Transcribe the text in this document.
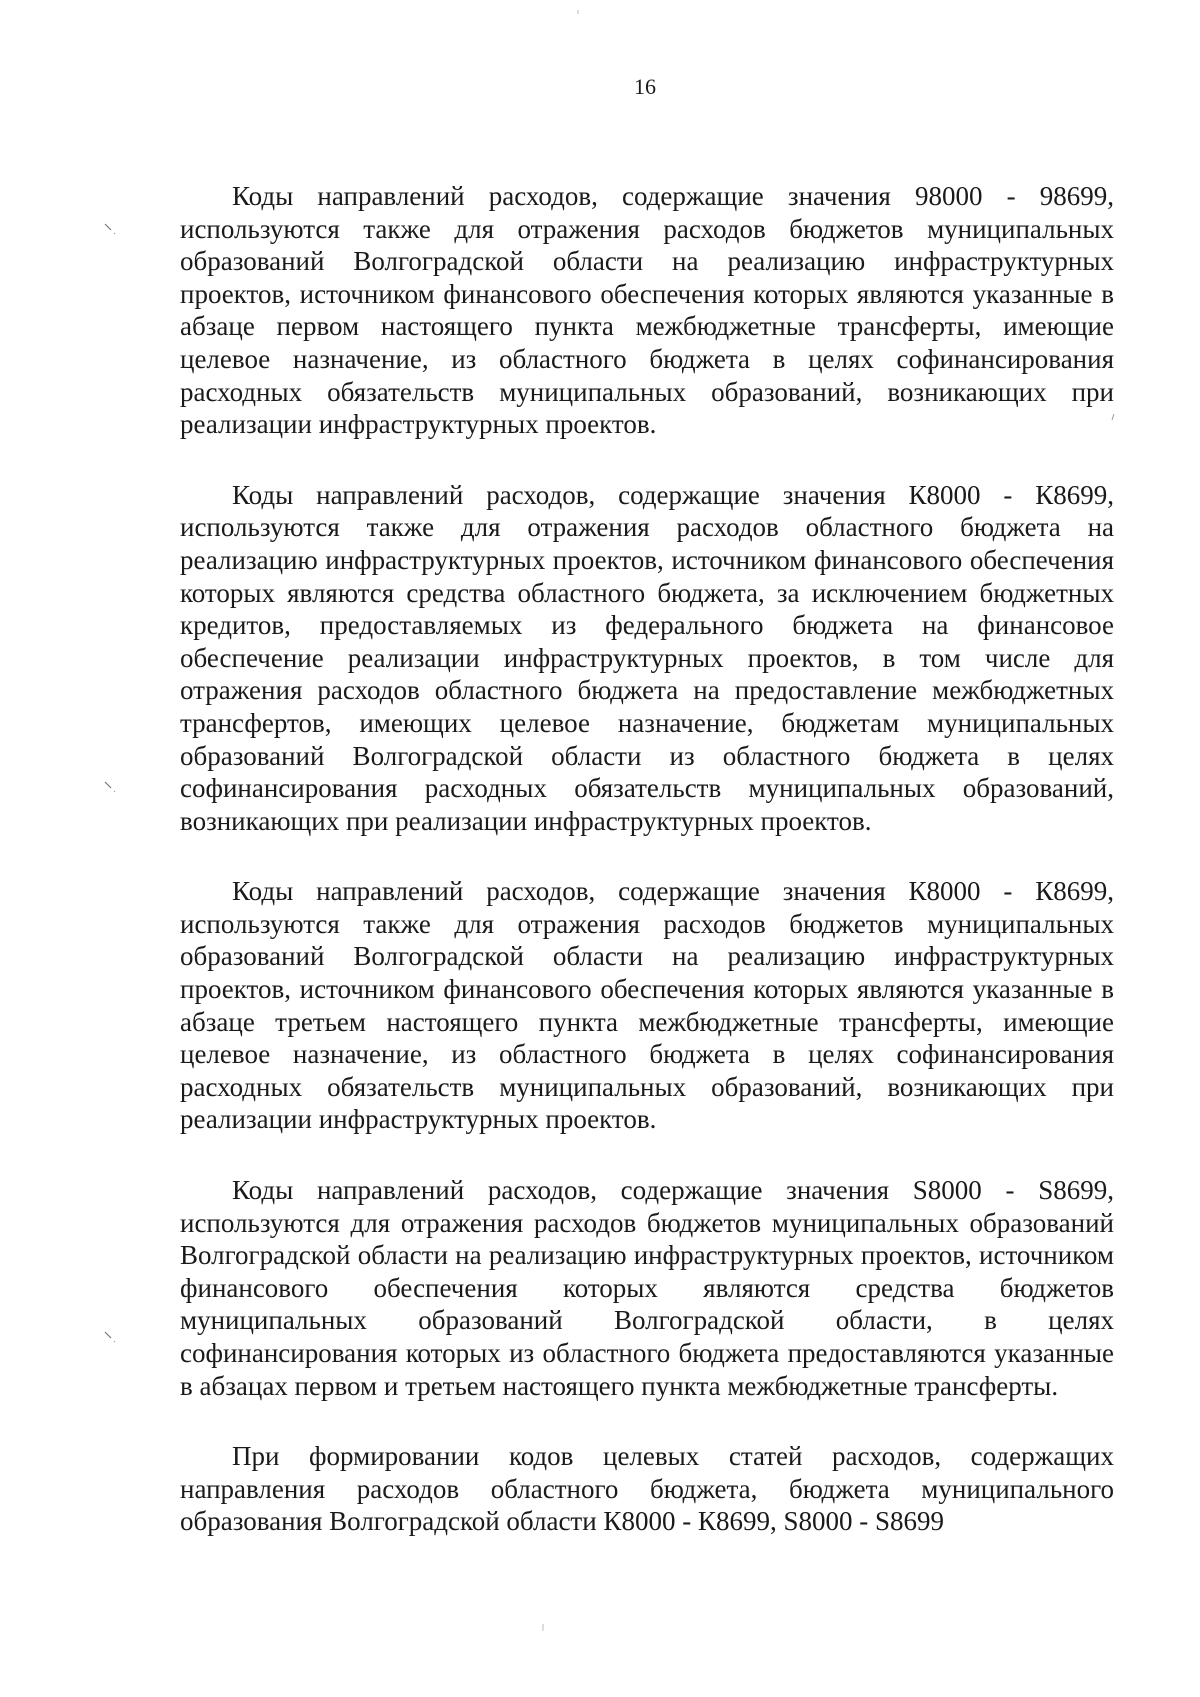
16

Коды направлений расходов, содержащие значения 98000 - 98699, используются также для отражения расходов бюджетов муниципальных образований Волгоградской области на реализацию инфраструктурных проектов, источником финансового обеспечения которых являются указанные в абзаце первом настоящего пункта межбюджетные трансферты, имеющие целевое назначение, из областного бюджета в целях софинансирования расходных обязательств муниципальных образований, возникающих при реализации инфраструктурных проектов.

Коды направлений расходов, содержащие значения К8000 - К8699, используются также для отражения расходов областного бюджета на реализацию инфраструктурных проектов, источником финансового обеспечения которых являются средства областного бюджета, за исключением бюджетных кредитов, предоставляемых из федерального бюджета на финансовое обеспечение реализации инфраструктурных проектов, в том числе для отражения расходов областного бюджета на предоставление межбюджетных трансфертов, имеющих целевое назначение, бюджетам муниципальных образований Волгоградской области из областного бюджета в целях софинансирования расходных обязательств муниципальных образований, возникающих при реализации инфраструктурных проектов.

Коды направлений расходов, содержащие значения К8000 - К8699, используются также для отражения расходов бюджетов муниципальных образований Волгоградской области на реализацию инфраструктурных проектов, источником финансового обеспечения которых являются указанные в абзаце третьем настоящего пункта межбюджетные трансферты, имеющие целевое назначение, из областного бюджета в целях софинансирования расходных обязательств муниципальных образований, возникающих при реализации инфраструктурных проектов.

Коды направлений расходов, содержащие значения S8000 - S8699, используются для отражения расходов бюджетов муниципальных образований Волгоградской области на реализацию инфраструктурных проектов, источником финансового обеспечения которых являются средства бюджетов муниципальных образований Волгоградской области, в целях софинансирования которых из областного бюджета предоставляются указанные в абзацах первом и третьем настоящего пункта межбюджетные трансферты.

При формировании кодов целевых статей расходов, содержащих направления расходов областного бюджета, бюджета муниципального образования Волгоградской области К8000 - К8699, S8000 - S8699
